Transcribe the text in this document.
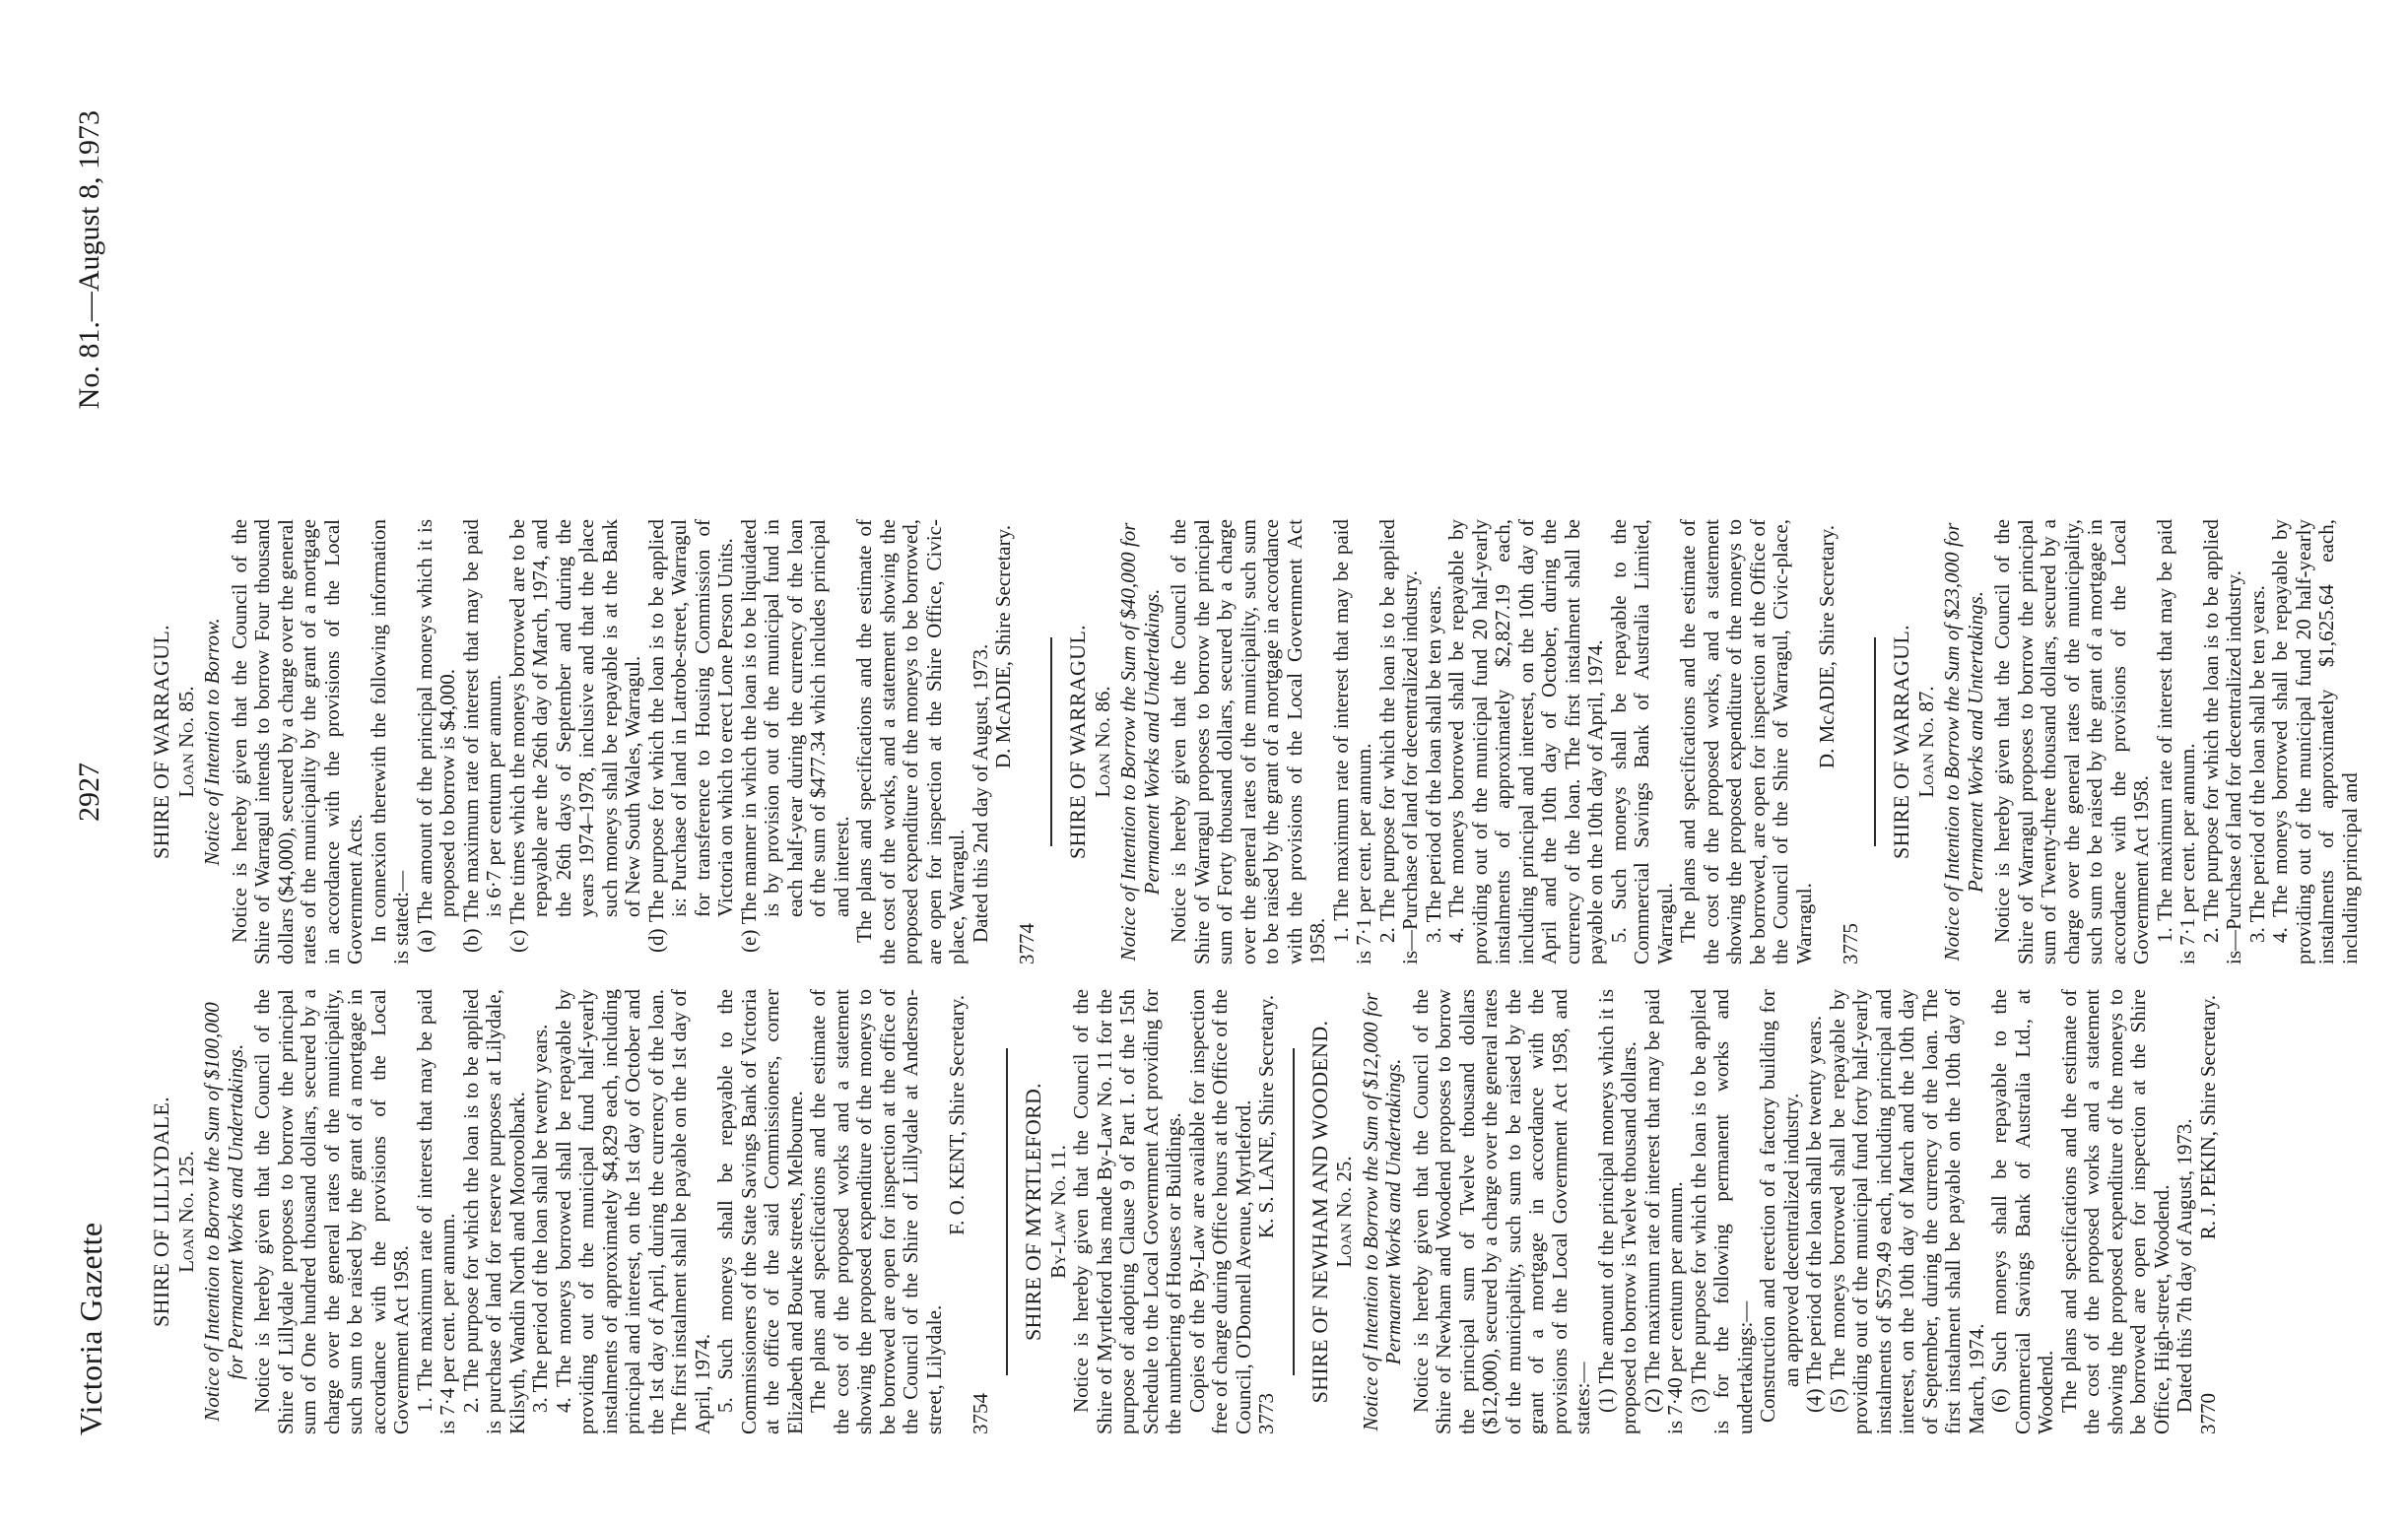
Victoria Gazette
2927
No. 81.—August 8, 1973
SHIRE OF LILLYDALE. Loan No. 125. Notice of Intention to Borrow the Sum of $100,000 for Permanent Works and Undertakings. Notice is hereby given that the Council of the Shire of Lillydale proposes to borrow the principal sum of One hundred thousand dollars, secured by a charge over the general rates of the municipality, such sum to be raised by the grant of a mortgage in accordance with the provisions of the Local Government Act 1958. 1. The maximum rate of interest that may be paid is 7·4 per cent. per annum. 2. The purpose for which the loan is to be applied is purchase of land for reserve purposes at Lilydale, Kilsyth, Wandin North and Mooroolbark. 3. The period of the loan shall be twenty years. 4. The moneys borrowed shall be repayable by providing out of the municipal fund half-yearly instalments of approximately $4,829 each, including principal and interest, on the 1st day of October and the 1st day of April, during the currency of the loan. The first instalment shall be payable on the 1st day of April, 1974. 5. Such moneys shall be repayable to the Commissioners of the State Savings Bank of Victoria at the office of the said Commissioners, corner Elizabeth and Bourke streets, Melbourne. The plans and specifications and the estimate of the cost of the proposed works and a statement showing the proposed expenditure of the moneys to be borrowed are open for inspection at the office of the Council of the Shire of Lillydale at Anderson-street, Lilydale.

F. O. KENT, Shire Secretary.
3754
SHIRE OF MYRTLEFORD. By-Law No. 11. Notice is hereby given that the Council of the Shire of Myrtleford has made By-Law No. 11 for the purpose of adopting Clause 9 of Part I. of the 15th Schedule to the Local Government Act providing for the numbering of Houses or Buildings. Copies of the By-Law are available for inspection free of charge during Office hours at the Office of the Council, O'Donnell Avenue, Myrtleford. 3773
K. S. LANE, Shire Secretary. SHIRE OF NEWHAM AND WOODEND. Loan No. 25. Notice of Intention to Borrow the Sum of $12,000 for Permanent Works and Undertakings. Notice is hereby given that the Council of the Shire of Newham and Woodend proposes to borrow the principal sum of Twelve thousand dollars ($12,000), secured by a charge over the general rates of the municipality, such sum to be raised by the grant of a mortgage in accordance with the provisions of the Local Government Act 1958, and states:— (1) The amount of the principal moneys which it is proposed to borrow is Twelve thousand dollars. (2) The maximum rate of interest that may be paid is 7·40 per centum per annum. (3) The purpose for which the loan is to be applied is for the following permanent works and undertakings:— Construction and erection of a factory building for an approved decentralized industry. (4) The period of the loan shall be twenty years. (5) The moneys borrowed shall be repayable by providing out of the municipal fund forty half-yearly instalments of $579.49 each, including principal and interest, on the 10th day of March and the 10th day of September, during the currency of the loan. The first instalment shall be payable on the 10th day of March, 1974. (6) Such moneys shall be repayable to the Commercial Savings Bank of Australia Ltd., at Woodend. The plans and specifications and the estimate of the cost of the proposed works and a statement showing the proposed expenditure of the moneys to be borrowed are open for inspection at the Shire Office, High-street, Woodend. Dated this 7th day of August, 1973.

3770
R. J. PEKIN, Shire Secretary.
SHIRE OF WARRAGUL. Loan No. 85. Notice of Intention to Borrow. Notice is hereby given that the Council of the Shire of Warragul intends to borrow Four thousand dollars ($4,000), secured by a charge over the general rates of the municipality by the grant of a mortgage in accordance with the provisions of the Local Government Acts. In connexion therewith the following information is stated:— (a) The amount of the principal moneys which it is proposed to borrow is $4,000. (b) The maximum rate of interest that may be paid is 6·7 per centum per annum. (c) The times which the moneys borrowed are to be repayable are the 26th day of March, 1974, and the 26th days of September and during the years 1974–1978, inclusive and that the place such moneys shall be repayable is at the Bank of New South Wales, Warragul. (d) The purpose for which the loan is to be applied is: Purchase of land in Latrobe-street, Warragul for transference to Housing Commission of Victoria on which to erect Lone Person Units. (e) The manner in which the loan is to be liquidated is by provision out of the municipal fund in each half-year during the currency of the loan of the sum of $477.34 which includes principal and interest. The plans and specifications and the estimate of the cost of the works, and a statement showing the proposed expenditure of the moneys to be borrowed, are open for inspection at the Shire Office, Civic-place, Warragul. Dated this 2nd day of August, 1973. D. McADIE, Shire Secretary.
3774
SHIRE OF WARRAGUL. Loan No. 86. Notice of Intention to Borrow the Sum of $40,000 for Permanent Works and Undertakings. Notice is hereby given that the Council of the Shire of Warragul proposes to borrow the principal sum of Forty thousand dollars, secured by a charge over the general rates of the municipality, such sum to be raised by the grant of a mortgage in accordance with the provisions of the Local Government Act 1958. 1. The maximum rate of interest that may be paid is 7·1 per cent. per annum. 2. The purpose for which the loan is to be applied is—Purchase of land for decentralized industry. 3. The period of the loan shall be ten years. 4. The moneys borrowed shall be repayable by providing out of the municipal fund 20 half-yearly instalments of approximately $2,827.19 each, including principal and interest, on the 10th day of April and the 10th day of October, during the currency of the loan. The first instalment shall be payable on the 10th day of April, 1974. 5. Such moneys shall be repayable to the Commercial Savings Bank of Australia Limited, Warragul. The plans and specifications and the estimate of the cost of the proposed works, and a statement showing the proposed expenditure of the moneys to be borrowed, are open for inspection at the Office of the Council of the Shire of Warragul, Civic-place, Warragul.

D. McADIE, Shire Secretary.
3775
SHIRE OF WARRAGUL. Loan No. 87. Notice of Intention to Borrow the Sum of $23,000 for Permanent Works and Untertakings. Notice is hereby given that the Council of the Shire of Warragul proposes to borrow the principal sum of Twenty-three thousand dollars, secured by a charge over the general rates of the municipality, such sum to be raised by the grant of a mortgage in accordance with the provisions of the Local Government Act 1958. 1. The maximum rate of interest that may be paid is 7·1 per cent. per annum. 2. The purpose for which the loan is to be applied is—Purchase of land for decentralized industry. 3. The period of the loan shall be ten years. 4. The moneys borrowed shall be repayable by providing out of the municipal fund 20 half-yearly instalments of approximately $1,625.64 each, including principal and
